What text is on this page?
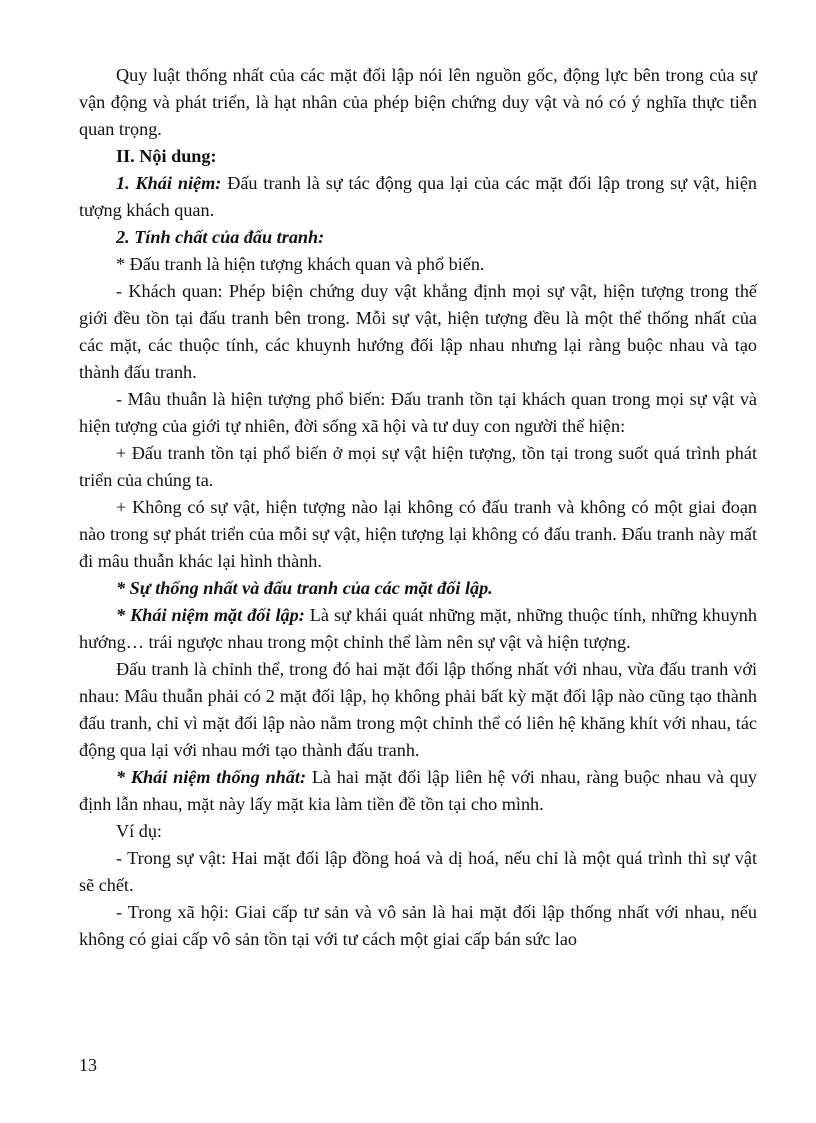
Quy luật thống nhất của các mặt đối lập nói lên nguồn gốc, động lực bên trong của sự vận động và phát triển, là hạt nhân của phép biện chứng duy vật và nó có ý nghĩa thực tiễn quan trọng.

II. Nội dung:

1. Khái niệm: Đấu tranh là sự tác động qua lại của các mặt đối lập trong sự vật, hiện tượng khách quan.

2. Tính chất của đấu tranh:

* Đấu tranh là hiện tượng khách quan và phổ biến.

- Khách quan: Phép biện chứng duy vật khẳng định mọi sự vật, hiện tượng trong thế giới đều tồn tại đấu tranh bên trong. Mỗi sự vật, hiện tượng đều là một thể thống nhất của các mặt, các thuộc tính, các khuynh hướng đối lập nhau nhưng lại ràng buộc nhau và tạo thành đấu tranh.

- Mâu thuẫn là hiện tượng phổ biến: Đấu tranh tồn tại khách quan trong mọi sự vật và hiện tượng của giới tự nhiên, đời sống xã hội và tư duy con người thể hiện:

+ Đấu tranh tồn tại phổ biến ở mọi sự vật hiện tượng, tồn tại trong suốt quá trình phát triển của chúng ta.

+ Không có sự vật, hiện tượng nào lại không có đấu tranh và không có một giai đoạn nào trong sự phát triển của mỗi sự vật, hiện tượng lại không có đấu tranh. Đấu tranh này mất đi mâu thuẫn khác lại hình thành.

* Sự thống nhất và đấu tranh của các mặt đối lập.

* Khái niệm mặt đối lập: Là sự khái quát những mặt, những thuộc tính, những khuynh hướng… trái ngược nhau trong một chỉnh thể làm nên sự vật và hiện tượng.

Đấu tranh là chỉnh thể, trong đó hai mặt đối lập thống nhất với nhau, vừa đấu tranh với nhau: Mâu thuẫn phải có 2 mặt đối lập, họ không phải bất kỳ mặt đối lập nào cũng tạo thành đấu tranh, chỉ vì mặt đối lập nào nằm trong một chỉnh thể có liên hệ khăng khít với nhau, tác động qua lại với nhau mới tạo thành đấu tranh.

* Khái niệm thống nhất: Là hai mặt đối lập liên hệ với nhau, ràng buộc nhau và quy định lẫn nhau, mặt này lấy mặt kia làm tiền đề tồn tại cho mình.

Ví dụ:

- Trong sự vật: Hai mặt đối lập đồng hoá và dị hoá, nếu chỉ là một quá trình thì sự vật sẽ chết.

- Trong xã hội: Giai cấp tư sản và vô sản là hai mặt đối lập thống nhất với nhau, nếu không có giai cấp vô sản tồn tại với tư cách một giai cấp bán sức lao

13
